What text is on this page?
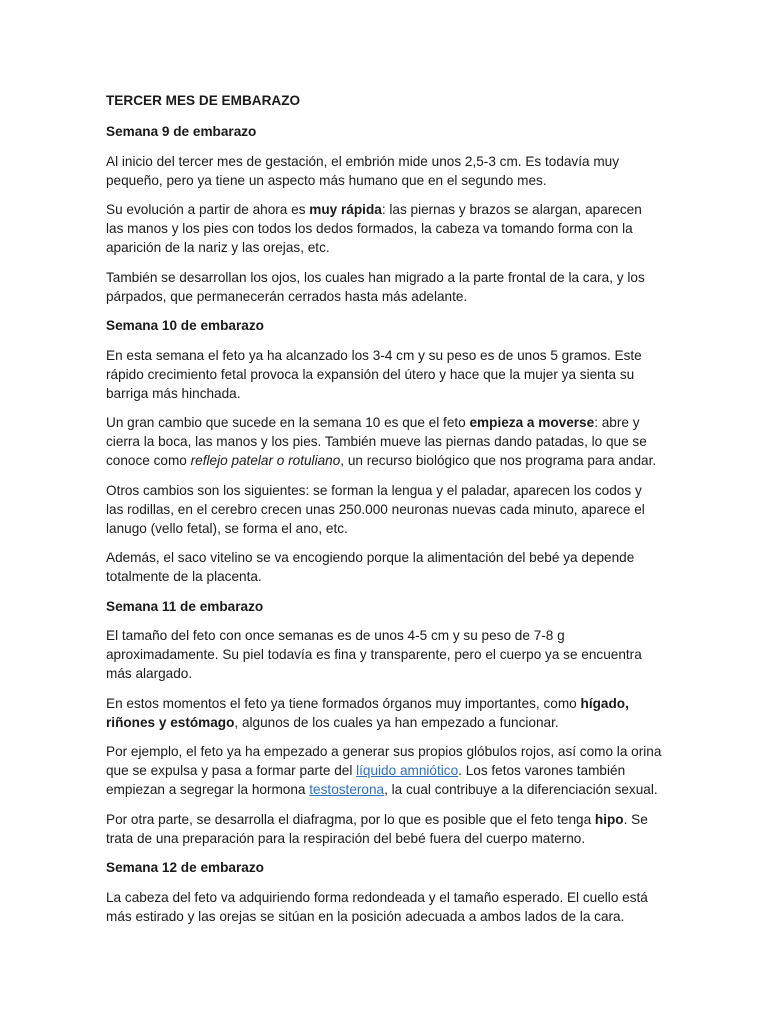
TERCER MES DE EMBARAZO

Semana 9 de embarazo

Al inicio del tercer mes de gestación, el embrión mide unos 2,5-3 cm. Es todavía muy pequeño, pero ya tiene un aspecto más humano que en el segundo mes.

Su evolución a partir de ahora es muy rápida: las piernas y brazos se alargan, aparecen las manos y los pies con todos los dedos formados, la cabeza va tomando forma con la aparición de la nariz y las orejas, etc.

También se desarrollan los ojos, los cuales han migrado a la parte frontal de la cara, y los párpados, que permanecerán cerrados hasta más adelante.

Semana 10 de embarazo

En esta semana el feto ya ha alcanzado los 3-4 cm y su peso es de unos 5 gramos. Este rápido crecimiento fetal provoca la expansión del útero y hace que la mujer ya sienta su barriga más hinchada.

Un gran cambio que sucede en la semana 10 es que el feto empieza a moverse: abre y cierra la boca, las manos y los pies. También mueve las piernas dando patadas, lo que se conoce como reflejo patelar o rotuliano, un recurso biológico que nos programa para andar.

Otros cambios son los siguientes: se forman la lengua y el paladar, aparecen los codos y las rodillas, en el cerebro crecen unas 250.000 neuronas nuevas cada minuto, aparece el lanugo (vello fetal), se forma el ano, etc.

Además, el saco vitelino se va encogiendo porque la alimentación del bebé ya depende totalmente de la placenta.

Semana 11 de embarazo

El tamaño del feto con once semanas es de unos 4-5 cm y su peso de 7-8 g aproximadamente. Su piel todavía es fina y transparente, pero el cuerpo ya se encuentra más alargado.

En estos momentos el feto ya tiene formados órganos muy importantes, como hígado, riñones y estómago, algunos de los cuales ya han empezado a funcionar.

Por ejemplo, el feto ya ha empezado a generar sus propios glóbulos rojos, así como la orina que se expulsa y pasa a formar parte del líquido amniótico. Los fetos varones también empiezan a segregar la hormona testosterona, la cual contribuye a la diferenciación sexual.

Por otra parte, se desarrolla el diafragma, por lo que es posible que el feto tenga hipo. Se trata de una preparación para la respiración del bebé fuera del cuerpo materno.

Semana 12 de embarazo

La cabeza del feto va adquiriendo forma redondeada y el tamaño esperado. El cuello está más estirado y las orejas se sitúan en la posición adecuada a ambos lados de la cara.
